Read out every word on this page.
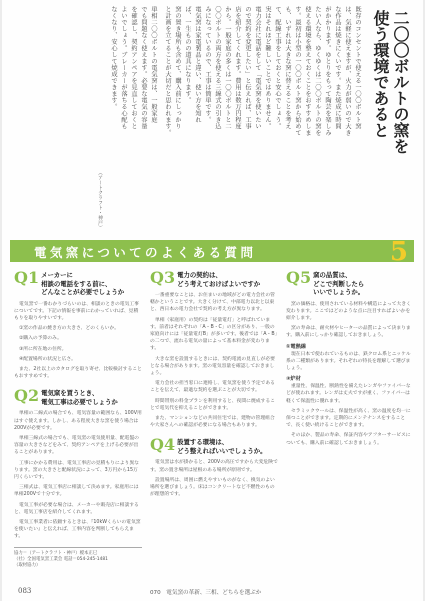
二〇〇ボルトの窯を
使う環境であると
既存のコンセントで使える一〇〇ボルト窯
は、気軽に使えますが、火力が弱いので大き
な作品は焼きにくいです。また焼成に時間
がかかります。ゆとりをもって陶芸を楽しみ
たい人なら、ゆくゆくは二〇〇ボルトの窯を
使える環境を整えておくことをおすすめしま
す。最初は小型の一〇〇ボルト窯から始めて
も、いずれは大きな窯に替えることを考え
て、配線工事をしておくと安心でしょう。
実はそれほど難しいことではありません。
電力会社に電話をして「電気窯を使いたい
ので契約を変更したい」と伝えれば、工事
店を紹介してくれます。費用は数万円程度
から。一般家庭の多くは一〇〇ボルトと二
〇〇ボルトの両方を使える三線式の引き込
みになっているので、工事は簡単です。
電気窯は家電製品と違い、使い方を知れ
ば、一生ものの道具になります。
窯の置き場所も含めて、購入前にしっかり
と計画を立てることが大切だと思われます。
単相二〇〇ボルトの電気窯は、一般家庭
でも問題なく使えます。必要な電気の容量
を確認し、契約アンペアを見直しておくと
よいでしょう。ブレーカーが落ちる心配も
なくなり、安心して焼成できます。
（アートクラフト・神戸）
電気窯についてのよくある質問	5
Q1 メーカーに
相談の電話をする前に、
どんなことが必要でしょうか

電気窯で一番わかりづらいのは、相談のときの電気工事についてです。下記の情報を事前にわかっていれば、見積もりを取りやすいです。

①窯の作品の焼き方の大きさ、どのくらいか。

②購入の予算のみ。

③所に所在地の住所。

④配置場所の状況と広さ。

また、2社以上のカタログを取り寄せ、比較検討することもおすすめです。

Q2 電気窯を買うとき、
電気工事は必要でしょうか

単相の二線式の場合でも、電気容量の範囲なら、100V用はすぐ使えます。しかし、ある程度大きな窯を使う場合は200Vが必要です。

単相三線式の場合でも、電気窯の電気使用量、配電盤の容量の大きさなどをみて、契約アンペアを上げる必要が出ることがあります。

工事にかかる費用は、電気工事店の見積もりにより異なります。窯の大きさと配線状況によって、3万円から15万円くらいです。

三相式は、電気工事店に相談して決めます。家庭用には単相200Vで十分です。

電気工事が必要な場合は、メーカーや販売店に相談すると、電気工事店を紹介してくれます。

電気工事業者に依頼するときは、『10kWくらいの電気窯を使いたい』と伝えれば、工事内容を判断してもらえます。

協力＝（アートクラフト・神戸）榎本正巳
（社）全国電気窯工業会 電話＝054-245-1481
（取材協力）
Q3 電力の契約は、
どう考えておけばよいですか

一番重要なことは、お住まいの地域がどの電力会社の管轄かということです。大きく分けて、中部電力以北と以東と、西日本の電力会社で契約の考え方が異なります。

単相（家庭用）の契約は「従量電灯」と呼ばれています。前者はそれぞれの「A・B・C」の区分があり、一般の家庭向けには「従量電灯B」が多いです。後者では「A・B」の二つで、流れる電気の量によって基本料金が変わります。

大きな窯を設置するときには、契約電流の見直しが必要となる場合があります。窯の電気容量を確認しておきましょう。

電力会社の担当窓口に連絡し、電気窯を使う予定であることを伝えて、最適な契約を選ぶことが大切です。

時間帯別の料金プランを利用すると、夜間に焼成することで電気代を抑えることができます。

また、マンションなどの共同住宅では、建物の管理組合や大家さんへの確認が必要になる場合もあります。

Q4 設置する環境は、
どう整えればいいでしょうか。

電気窯は水が掛かると、200Vの高圧ですから大変危険です。窯の置き場所は屋根のある場所が原則です。

設置場所は、周囲に燃えやすいものがなく、換気のよい場所を選びましょう。床はコンクリートなど不燃性のものが理想的です。

Q5 窯の品質は、
どこで判断したら
いいでしょうか。

窯の価格は、使用されている材料や構造によって大きく変わります。ここではどのような点に注目すればよいかを紹介します。

窯の寿命は、耐火材やヒーターの品質によって決まります。購入前にしっかり確認しておきましょう。

①電熱線

現在日本で使われているものは、鉄クロム系とニッケル系の二種類があります。それぞれの特長を理解して選びましょう。

②炉材

重量性、保温性、断熱性を備えたレンガやファイバーなどが使われます。レンガは丈夫ですが重く、ファイバーは軽くて保温性に優れます。

セラミックウールは、保温性が高く、窯の温度を均一に保つことができます。定期的にメンテナンスをすることで、長く使い続けることができます。

そのほか、製品の寿命、保証内容やアフターサービスについても、購入前に確認しておきましょう。

083	070　電気窯の革新、三相、どちらを選ぶか
